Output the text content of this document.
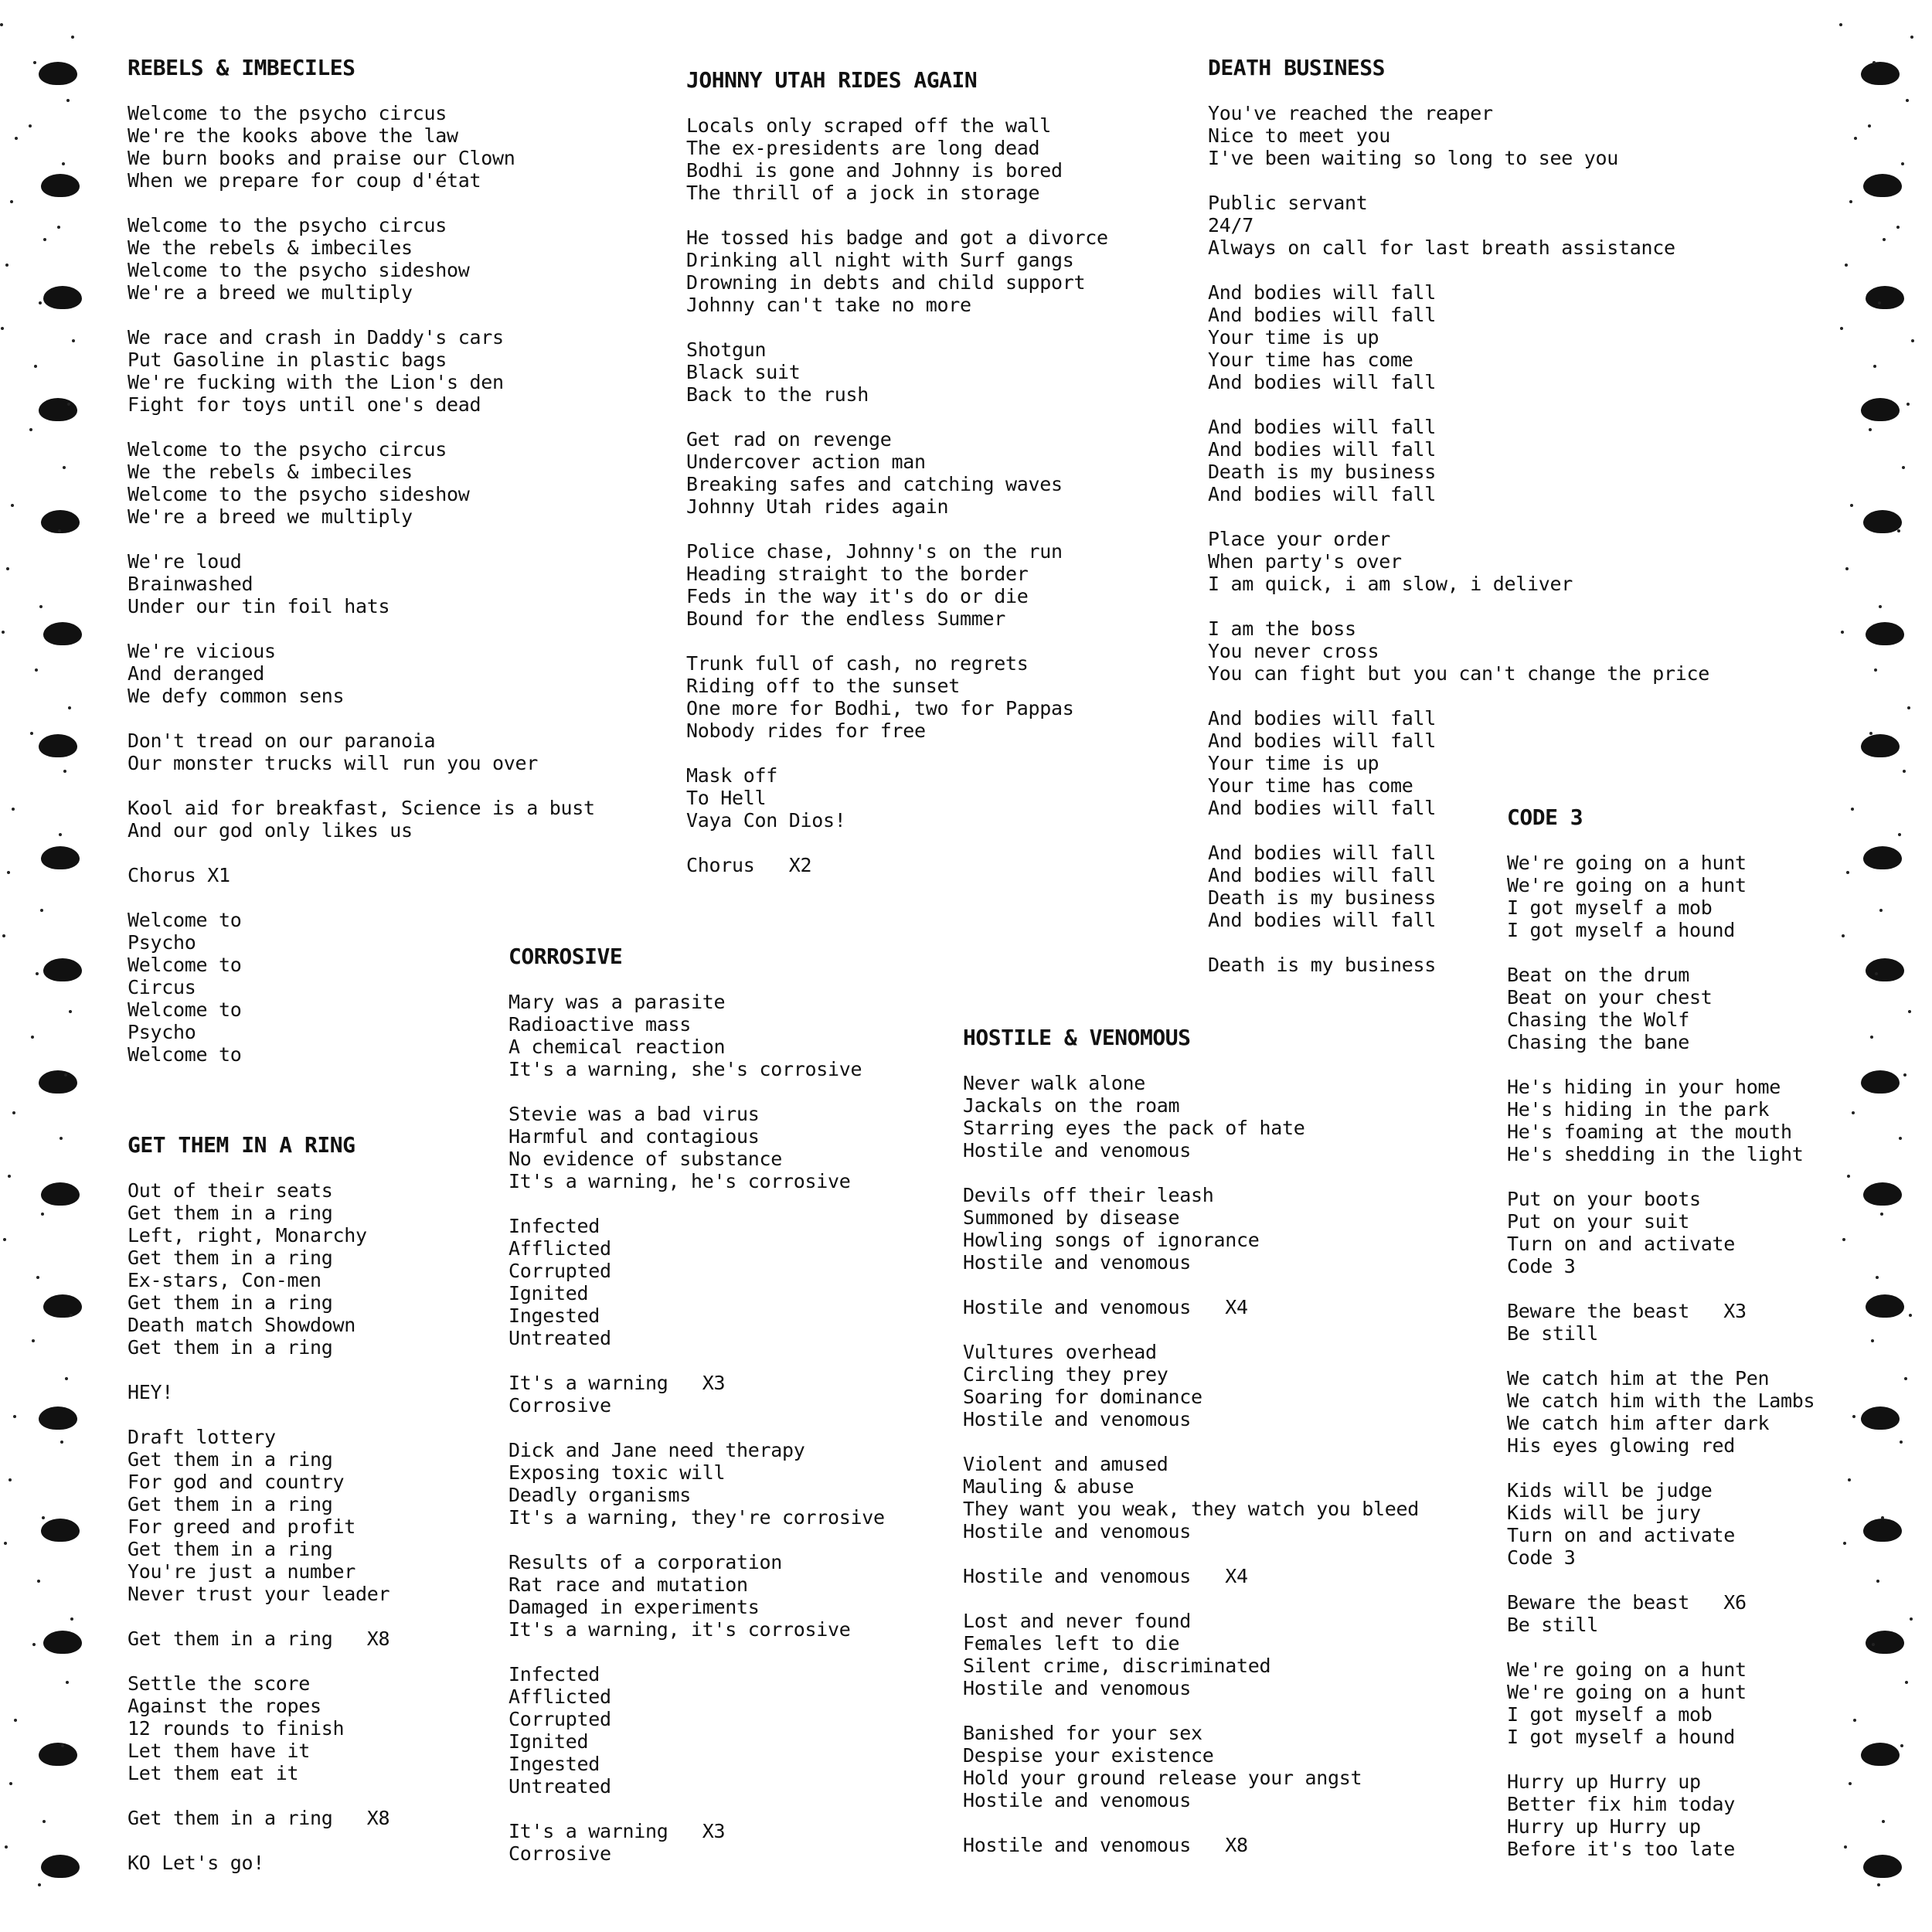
REBELS & IMBECILES
Welcome to the psycho circus
We're the kooks above the law
We burn books and praise our Clown
When we prepare for coup d'état
Welcome to the psycho circus
We the rebels & imbeciles
Welcome to the psycho sideshow
We're a breed we multiply
We race and crash in Daddy's cars
Put Gasoline in plastic bags
We're fucking with the Lion's den
Fight for toys until one's dead
Welcome to the psycho circus
We the rebels & imbeciles
Welcome to the psycho sideshow
We're a breed we multiply
We're loud
Brainwashed
Under our tin foil hats
We're vicious
And deranged
We defy common sens
Don't tread on our paranoia
Our monster trucks will run you over
Kool aid for breakfast, Science is a bust
And our god only likes us
Chorus X1
Welcome to
Psycho
Welcome to
Circus
Welcome to
Psycho
Welcome to
GET THEM IN A RING
Out of their seats
Get them in a ring
Left, right, Monarchy
Get them in a ring
Ex-stars, Con-men
Get them in a ring
Death match Showdown
Get them in a ring
HEY!
Draft lottery
Get them in a ring
For god and country
Get them in a ring
For greed and profit
Get them in a ring
You're just a number
Never trust your leader
Get them in a ring   X8
Settle the score
Against the ropes
12 rounds to finish
Let them have it
Let them eat it
Get them in a ring   X8
KO Let's go!
JOHNNY UTAH RIDES AGAIN
Locals only scraped off the wall
The ex-presidents are long dead
Bodhi is gone and Johnny is bored
The thrill of a jock in storage
He tossed his badge and got a divorce
Drinking all night with Surf gangs
Drowning in debts and child support
Johnny can't take no more
Shotgun
Black suit
Back to the rush
Get rad on revenge
Undercover action man
Breaking safes and catching waves
Johnny Utah rides again
Police chase, Johnny's on the run
Heading straight to the border
Feds in the way it's do or die
Bound for the endless Summer
Trunk full of cash, no regrets
Riding off to the sunset
One more for Bodhi, two for Pappas
Nobody rides for free
Mask off
To Hell
Vaya Con Dios!
Chorus   X2
CORROSIVE
Mary was a parasite
Radioactive mass
A chemical reaction
It's a warning, she's corrosive
Stevie was a bad virus
Harmful and contagious
No evidence of substance
It's a warning, he's corrosive
Infected
Afflicted
Corrupted
Ignited
Ingested
Untreated
It's a warning   X3
Corrosive
Dick and Jane need therapy
Exposing toxic will
Deadly organisms
It's a warning, they're corrosive
Results of a corporation
Rat race and mutation
Damaged in experiments
It's a warning, it's corrosive
Infected
Afflicted
Corrupted
Ignited
Ingested
Untreated
It's a warning   X3
Corrosive
DEATH BUSINESS
You've reached the reaper
Nice to meet you
I've been waiting so long to see you
Public servant
24/7
Always on call for last breath assistance
And bodies will fall
And bodies will fall
Your time is up
Your time has come
And bodies will fall
And bodies will fall
And bodies will fall
Death is my business
And bodies will fall
Place your order
When party's over
I am quick, i am slow, i deliver
I am the boss
You never cross
You can fight but you can't change the price
And bodies will fall
And bodies will fall
Your time is up
Your time has come
And bodies will fall
And bodies will fall
And bodies will fall
Death is my business
And bodies will fall
Death is my business
HOSTILE & VENOMOUS
Never walk alone
Jackals on the roam
Starring eyes the pack of hate
Hostile and venomous
Devils off their leash
Summoned by disease
Howling songs of ignorance
Hostile and venomous
Hostile and venomous   X4
Vultures overhead
Circling they prey
Soaring for dominance
Hostile and venomous
Violent and amused
Mauling & abuse
They want you weak, they watch you bleed
Hostile and venomous
Hostile and venomous   X4
Lost and never found
Females left to die
Silent crime, discriminated
Hostile and venomous
Banished for your sex
Despise your existence
Hold your ground release your angst
Hostile and venomous
Hostile and venomous   X8
CODE 3
We're going on a hunt
We're going on a hunt
I got myself a mob
I got myself a hound
Beat on the drum
Beat on your chest
Chasing the Wolf
Chasing the bane
He's hiding in your home
He's hiding in the park
He's foaming at the mouth
He's shedding in the light
Put on your boots
Put on your suit
Turn on and activate
Code 3
Beware the beast   X3
Be still
We catch him at the Pen
We catch him with the Lambs
We catch him after dark
His eyes glowing red
Kids will be judge
Kids will be jury
Turn on and activate
Code 3
Beware the beast   X6
Be still
We're going on a hunt
We're going on a hunt
I got myself a mob
I got myself a hound
Hurry up Hurry up
Better fix him today
Hurry up Hurry up
Before it's too late
